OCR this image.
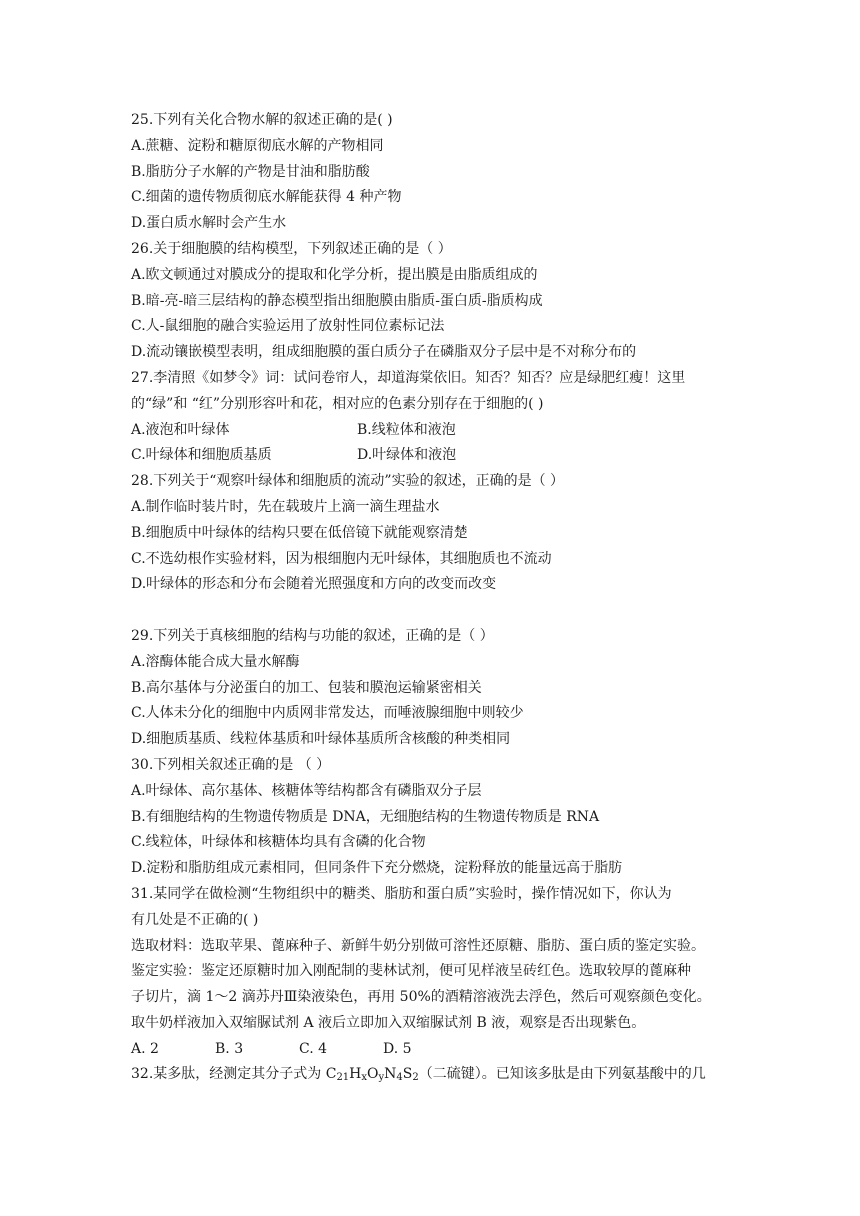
25.下列有关化合物水解的叙述正确的是( )
A.蔗糖、淀粉和糖原彻底水解的产物相同
B.脂肪分子水解的产物是甘油和脂肪酸
C.细菌的遗传物质彻底水解能获得 4 种产物
D.蛋白质水解时会产生水
26.关于细胞膜的结构模型，下列叙述正确的是（ ）
A.欧文顿通过对膜成分的提取和化学分析，提出膜是由脂质组成的
B.暗-亮-暗三层结构的静态模型指出细胞膜由脂质-蛋白质-脂质构成
C.人-鼠细胞的融合实验运用了放射性同位素标记法
D.流动镶嵌模型表明，组成细胞膜的蛋白质分子在磷脂双分子层中是不对称分布的
27.李清照《如梦令》词：试问卷帘人，却道海棠依旧。知否？知否？应是绿肥红瘦！这里
的“绿”和 “红”分别形容叶和花，相对应的色素分别存在于细胞的( )
A.液泡和叶绿体	B.线粒体和液泡
C.叶绿体和细胞质基质	D.叶绿体和液泡
28.下列关于“观察叶绿体和细胞质的流动”实验的叙述，正确的是（ ）
A.制作临时装片时，先在载玻片上滴一滴生理盐水
B.细胞质中叶绿体的结构只要在低倍镜下就能观察清楚
C.不选幼根作实验材料，因为根细胞内无叶绿体，其细胞质也不流动
D.叶绿体的形态和分布会随着光照强度和方向的改变而改变
29.下列关于真核细胞的结构与功能的叙述，正确的是（ ）
A.溶酶体能合成大量水解酶
B.高尔基体与分泌蛋白的加工、包装和膜泡运输紧密相关
C.人体未分化的细胞中内质网非常发达，而唾液腺细胞中则较少
D.细胞质基质、线粒体基质和叶绿体基质所含核酸的种类相同
30.下列相关叙述正确的是 （ ）
A.叶绿体、高尔基体、核糖体等结构都含有磷脂双分子层
B.有细胞结构的生物遗传物质是 DNA，无细胞结构的生物遗传物质是 RNA
C.线粒体，叶绿体和核糖体均具有含磷的化合物
D.淀粉和脂肪组成元素相同，但同条件下充分燃烧，淀粉释放的能量远高于脂肪
31.某同学在做检测“生物组织中的糖类、脂肪和蛋白质”实验时，操作情况如下，你认为
有几处是不正确的( )
选取材料：选取苹果、蓖麻种子、新鲜牛奶分别做可溶性还原糖、脂肪、蛋白质的鉴定实验。
鉴定实验：鉴定还原糖时加入刚配制的斐林试剂，便可见样液呈砖红色。选取较厚的蓖麻种
子切片，滴 1～2 滴苏丹Ⅲ染液染色，再用 50%的酒精溶液洗去浮色，然后可观察颜色变化。
取牛奶样液加入双缩脲试剂 A 液后立即加入双缩脲试剂 B 液，观察是否出现紫色。
A. 2	B. 3	C. 4	D. 5
32.某多肽，经测定其分子式为 $C_{21}H_xO_yN_4S_2$（二硫键）。已知该多肽是由下列氨基酸中的几
